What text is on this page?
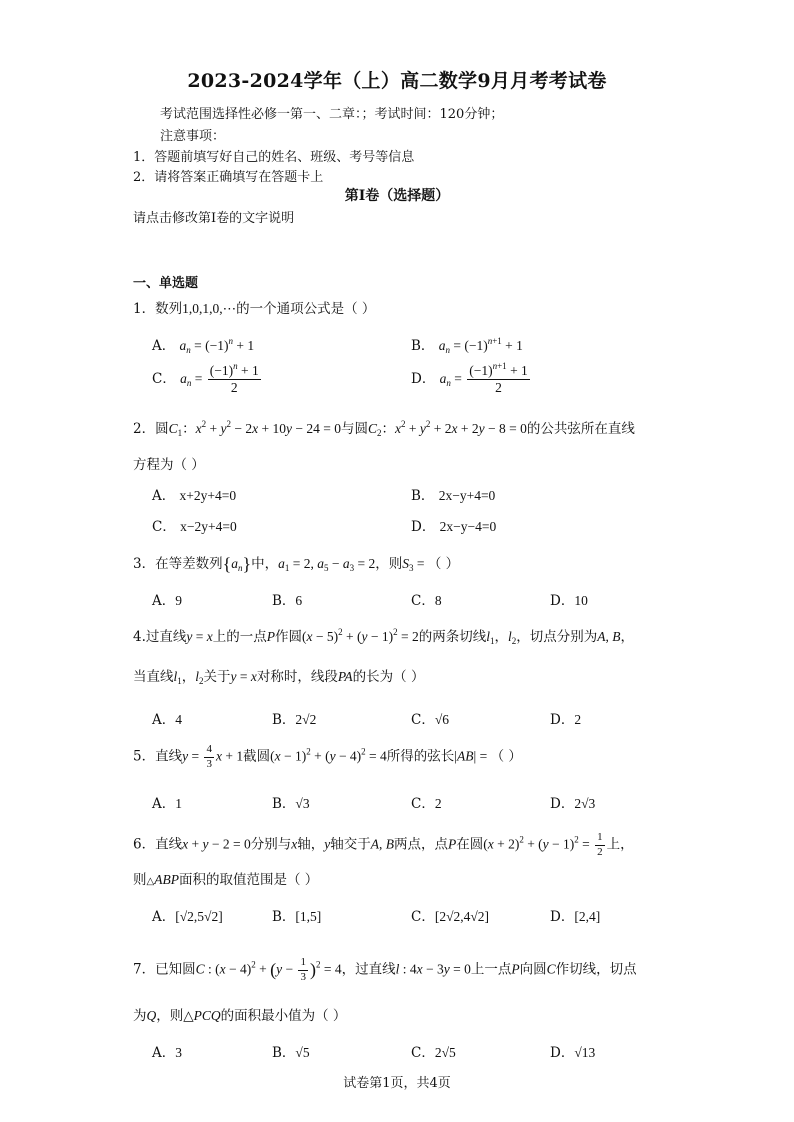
2023-2024学年（上）高二数学9月月考考试卷
考试范围选择性必修一第一、二章：；考试时间：120分钟；
注意事项：
1．答题前填写好自己的姓名、班级、考号等信息
2．请将答案正确填写在答题卡上
第I卷（选择题）
请点击修改第I卷的文字说明
一、单选题
1．数列1,0,1,0,⋯的一个通项公式是（ ）
A． $a_n = (-1)^n + 1$	B． $a_n = (-1)^{n+1} + 1$
C． $a_n = \frac{(-1)^n + 1}{2}$	D． $a_n = \frac{(-1)^{n+1} + 1}{2}$
2．圆$C_1$：$x^2 + y^2 - 2x + 10y - 24 = 0$与圆$C_2$：$x^2 + y^2 + 2x + 2y - 8 = 0$的公共弦所在直线
方程为（ ）
A． x+2y+4=0	B． 2x−y+4=0
C． x−2y+4=0	D． 2x−y−4=0
3．在等差数列$\{a_n\}$中，$a_1 = 2$, $a_5 - a_3 = 2$，则$S_3$ = （ ）
A．9	B．6	C．8	D．10
4.过直线y = x上的一点P作圆$(x - 5)^2 + (y - 1)^2 = 2$的两条切线$l_1$，$l_2$，切点分别为A, B，
当直线$l_1$，$l_2$关于y = x对称时，线段PA的长为（ ）
A．4	B．2√2	C．√6	D．2
5．直线$y = \frac{4}{3}$ x + 1截圆$(x - 1)^2 + (y - 4)^2 = 4$所得的弦长|AB| = （ ）
A．1	B．√3	C．2	D．2√3
6．直线x + y − 2 = 0分别与x轴，y轴交于A, B两点，点P在圆$(x + 2)^2 + (y - 1)^2 = \frac{1}{2}$ 上，
则△ABP面积的取值范围是（ ）
A．[√2,5√2]	B．[1,5]	C．[2√2,4√2]	D．[2,4]
7．已知圆C : $(x - 4)^2 + (y - \frac{1}{3} )^2 = 4$，过直线l : 4x − 3y = 0上一点P向圆C作切线，切点
为Q，则△PCQ的面积最小值为（ ）
A．3	B．√5	C．2√5	D．√13
试卷第1页，共4页
